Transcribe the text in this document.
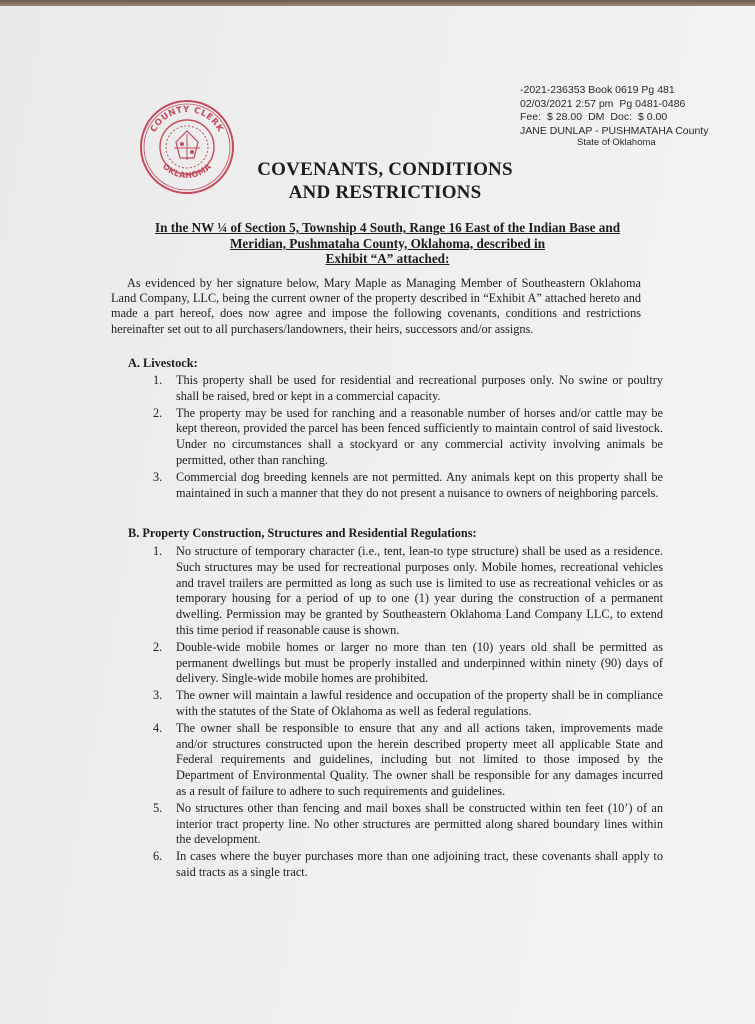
COUNTY CLERK
OKLAHOMA
-2021-236353 Book 0619 Pg 481
02/03/2021 2:57 pm Pg 0481-0486
Fee: $ 28.00 DM Doc: $ 0.00
JANE DUNLAP - PUSHMATAHA County
State of Oklahoma
COVENANTS, CONDITIONS
AND RESTRICTIONS
In the NW ¼ of Section 5, Township 4 South, Range 16 East of the Indian Base and
Meridian, Pushmataha County, Oklahoma, described in
Exhibit “A” attached:
As evidenced by her signature below, Mary Maple as Managing Member of Southeastern Oklahoma Land Company, LLC, being the current owner of the property described in “Exhibit A” attached hereto and made a part hereof, does now agree and impose the following covenants, conditions and restrictions hereinafter set out to all purchasers/landowners, their heirs, successors and/or assigns.
A. Livestock:
1. This property shall be used for residential and recreational purposes only. No swine or poultry shall be raised, bred or kept in a commercial capacity.
2. The property may be used for ranching and a reasonable number of horses and/or cattle may be kept thereon, provided the parcel has been fenced sufficiently to maintain control of said livestock. Under no circumstances shall a stockyard or any commercial activity involving animals be permitted, other than ranching.
3. Commercial dog breeding kennels are not permitted. Any animals kept on this property shall be maintained in such a manner that they do not present a nuisance to owners of neighboring parcels.
B. Property Construction, Structures and Residential Regulations:
1. No structure of temporary character (i.e., tent, lean-to type structure) shall be used as a residence. Such structures may be used for recreational purposes only. Mobile homes, recreational vehicles and travel trailers are permitted as long as such use is limited to use as recreational vehicles or as temporary housing for a period of up to one (1) year during the construction of a permanent dwelling. Permission may be granted by Southeastern Oklahoma Land Company LLC, to extend this time period if reasonable cause is shown.
2. Double-wide mobile homes or larger no more than ten (10) years old shall be permitted as permanent dwellings but must be properly installed and underpinned within ninety (90) days of delivery. Single-wide mobile homes are prohibited.
3. The owner will maintain a lawful residence and occupation of the property shall be in compliance with the statutes of the State of Oklahoma as well as federal regulations.
4. The owner shall be responsible to ensure that any and all actions taken, improvements made and/or structures constructed upon the herein described property meet all applicable State and Federal requirements and guidelines, including but not limited to those imposed by the Department of Environmental Quality. The owner shall be responsible for any damages incurred as a result of failure to adhere to such requirements and guidelines.
5. No structures other than fencing and mail boxes shall be constructed within ten feet (10’) of an interior tract property line. No other structures are permitted along shared boundary lines within the development.
6. In cases where the buyer purchases more than one adjoining tract, these covenants shall apply to said tracts as a single tract.
